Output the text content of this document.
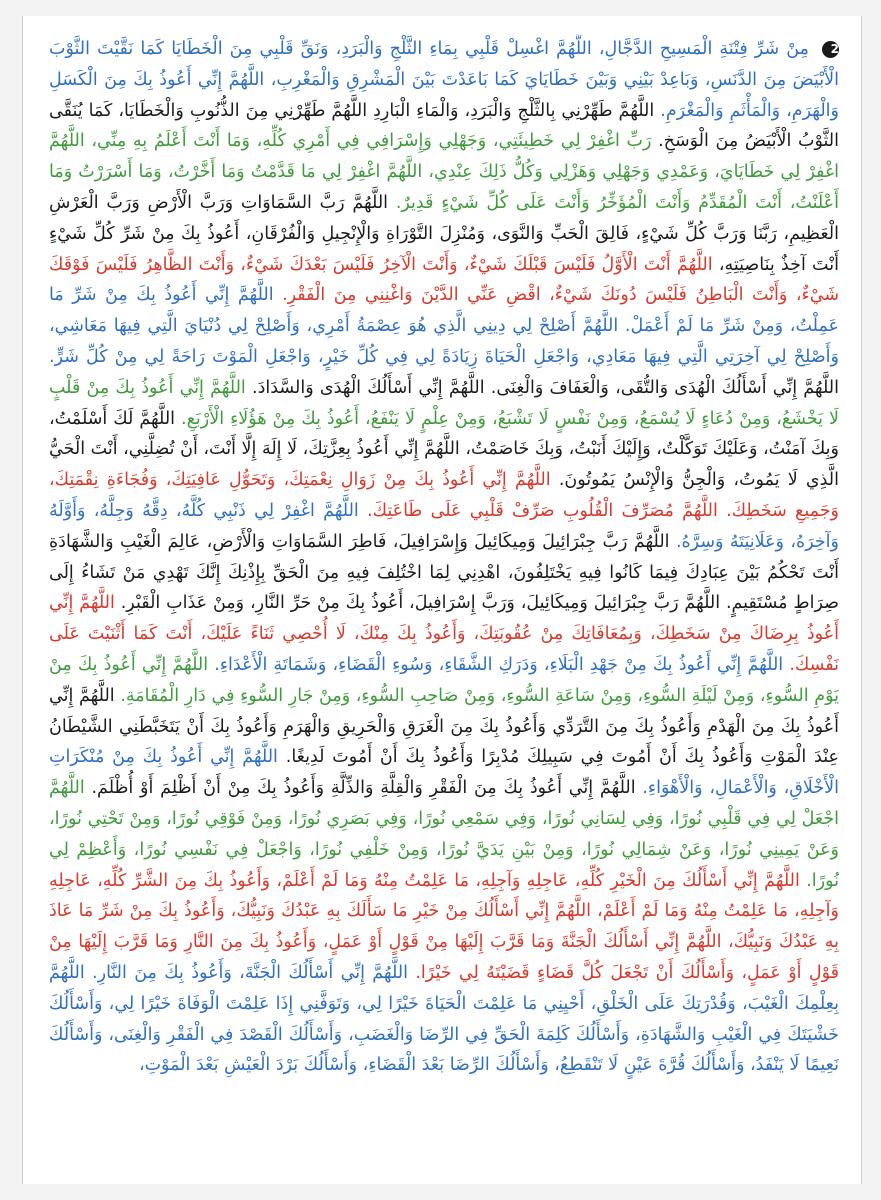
2 مِنْ شَرِّ فِتْنَةِ الْمَسِيحِ الدَّجَّالِ، اللَّهُمَّ اغْسِلْ قَلْبِي بِمَاءِ الثَّلْجِ وَالْبَرَدِ، وَنَقِّ قَلْبِي مِنَ الْخَطَايَا كَمَا نَقَّيْتَ الثَّوْبَ الْأَبْيَضَ مِنَ الدَّنَسِ، وَبَاعِدْ بَيْنِي وَبَيْنَ خَطَايَايَ كَمَا بَاعَدْتَ بَيْنَ الْمَشْرِقِ وَالْمَغْرِبِ، اللَّهُمَّ إِنِّي أَعُوذُ بِكَ مِنَ الْكَسَلِ وَالْهَرَمِ، وَالْمَأْثَمِ وَالْمَغْرَمِ. اللَّهُمَّ طَهِّرْنِي بِالثَّلْجِ وَالْبَرَدِ، وَالْمَاءِ الْبَارِدِ اللَّهُمَّ طَهِّرْنِي مِنَ الذُّنُوبِ وَالْخَطَايَا، كَمَا يُنَقَّى الثَّوْبُ الْأَبْيَضُ مِنَ الْوَسَخِ. رَبِّ اغْفِرْ لِي خَطِيئَتِي، وَجَهْلِي وَإِسْرَافِي فِي أَمْرِي كُلِّهِ، وَمَا أَنْتَ أَعْلَمُ بِهِ مِنِّي، اللَّهُمَّ اغْفِرْ لِي خَطَايَايَ، وَعَمْدِي وَجَهْلِي وَهَزْلِي وَكُلُّ ذَلِكَ عِنْدِي، اللَّهُمَّ اغْفِرْ لِي مَا قَدَّمْتُ وَمَا أَخَّرْتُ، وَمَا أَسْرَرْتُ وَمَا أَعْلَنْتُ، أَنْتَ الْمُقَدِّمُ وَأَنْتَ الْمُؤَخِّرُ وَأَنْتَ عَلَى كُلِّ شَيْءٍ قَدِيرٌ. اللَّهُمَّ رَبَّ السَّمَاوَاتِ وَرَبَّ الْأَرْضِ وَرَبَّ الْعَرْشِ الْعَظِيمِ، رَبَّنَا وَرَبَّ كُلِّ شَيْءٍ، فَالِقَ الْحَبِّ وَالنَّوَى، وَمُنْزِلَ التَّوْرَاةِ وَالْإِنْجِيلِ وَالْفُرْقَانِ، أَعُوذُ بِكَ مِنْ شَرِّ كُلِّ شَيْءٍ أَنْتَ آخِذٌ بِنَاصِيَتِهِ، اللَّهُمَّ أَنْتَ الْأَوَّلُ فَلَيْسَ قَبْلَكَ شَيْءٌ، وَأَنْتَ الْآخِرُ فَلَيْسَ بَعْدَكَ شَيْءٌ، وَأَنْتَ الظَّاهِرُ فَلَيْسَ فَوْقَكَ شَيْءٌ، وَأَنْتَ الْبَاطِنُ فَلَيْسَ دُونَكَ شَيْءٌ، اقْضِ عَنِّي الدَّيْنَ وَاغْنِنِي مِنَ الْفَقْرِ. اللَّهُمَّ إِنِّي أَعُوذُ بِكَ مِنْ شَرِّ مَا عَمِلْتُ، وَمِنْ شَرِّ مَا لَمْ أَعْمَلْ. اللَّهُمَّ أَصْلِحْ لِي دِينِي الَّذِي هُوَ عِصْمَةُ أَمْرِي، وَأَصْلِحْ لِي دُنْيَايَ الَّتِي فِيهَا مَعَاشِي، وَأَصْلِحْ لِي آخِرَتِي الَّتِي فِيهَا مَعَادِي، وَاجْعَلِ الْحَيَاةَ زِيَادَةً لِي فِي كُلِّ خَيْرٍ، وَاجْعَلِ الْمَوْتَ رَاحَةً لِي مِنْ كُلِّ شَرٍّ. اللَّهُمَّ إِنِّي أَسْأَلُكَ الْهُدَى وَالتُّقَى، وَالْعَفَافَ وَالْغِنَى. اللَّهُمَّ إِنِّي أَسْأَلُكَ الْهُدَى وَالسَّدَادَ. اللَّهُمَّ إِنِّي أَعُوذُ بِكَ مِنْ قَلْبٍ لَا يَخْشَعُ، وَمِنْ دُعَاءٍ لَا يُسْمَعُ، وَمِنْ نَفْسٍ لَا تَشْبَعُ، وَمِنْ عِلْمٍ لَا يَنْفَعُ، أَعُوذُ بِكَ مِنْ هَؤُلَاءِ الْأَرْبَعِ. اللَّهُمَّ لَكَ أَسْلَمْتُ، وَبِكَ آمَنْتُ، وَعَلَيْكَ تَوَكَّلْتُ، وَإِلَيْكَ أَنَبْتُ، وَبِكَ خَاصَمْتُ، اللَّهُمَّ إِنِّي أَعُوذُ بِعِزَّتِكَ، لَا إِلَهَ إِلَّا أَنْتَ، أَنْ تُضِلَّنِي، أَنْتَ الْحَيُّ الَّذِي لَا يَمُوتُ، وَالْجِنُّ وَالْإِنْسُ يَمُوتُونَ. اللَّهُمَّ إِنِّي أَعُوذُ بِكَ مِنْ زَوَالِ نِعْمَتِكَ، وَتَحَوُّلِ عَافِيَتِكَ، وَفُجَاءَةِ نِقْمَتِكَ، وَجَمِيعِ سَخَطِكَ. اللَّهُمَّ مُصَرِّفَ الْقُلُوبِ صَرِّفْ قَلْبِي عَلَى طَاعَتِكَ. اللَّهُمَّ اغْفِرْ لِي ذَنْبِي كُلَّهُ، دِقَّهُ وَجِلَّهُ، وَأَوَّلَهُ وَآخِرَهُ، وَعَلَانِيَتَهُ وَسِرَّهُ. اللَّهُمَّ رَبَّ جِبْرَائِيلَ وَمِيكَائِيلَ وَإِسْرَافِيلَ، فَاطِرَ السَّمَاوَاتِ وَالْأَرْضِ، عَالِمَ الْغَيْبِ وَالشَّهَادَةِ أَنْتَ تَحْكُمُ بَيْنَ عِبَادِكَ فِيمَا كَانُوا فِيهِ يَخْتَلِفُونَ، اهْدِنِي لِمَا اخْتُلِفَ فِيهِ مِنَ الْحَقِّ بِإِذْنِكَ إِنَّكَ تَهْدِي مَنْ تَشَاءُ إِلَى صِرَاطٍ مُسْتَقِيمٍ. اللَّهُمَّ رَبَّ جِبْرَائِيلَ وَمِيكَائِيلَ، وَرَبَّ إِسْرَافِيلَ، أَعُوذُ بِكَ مِنْ حَرِّ النَّارِ، وَمِنْ عَذَابِ الْقَبْرِ. اللَّهُمَّ إِنِّي أَعُوذُ بِرِضَاكَ مِنْ سَخَطِكَ، وَبِمُعَافَاتِكَ مِنْ عُقُوبَتِكَ، وَأَعُوذُ بِكَ مِنْكَ، لَا أُحْصِي ثَنَاءً عَلَيْكَ، أَنْتَ كَمَا أَثْنَيْتَ عَلَى نَفْسِكَ. اللَّهُمَّ إِنِّي أَعُوذُ بِكَ مِنْ جَهْدِ الْبَلَاءِ، وَدَرَكِ الشَّقَاءِ، وَسُوءِ الْقَضَاءِ، وَشَمَاتَةِ الْأَعْدَاءِ. اللَّهُمَّ إِنِّي أَعُوذُ بِكَ مِنْ يَوْمِ السُّوءِ، وَمِنْ لَيْلَةِ السُّوءِ، وَمِنْ سَاعَةِ السُّوءِ، وَمِنْ صَاحِبِ السُّوءِ، وَمِنْ جَارِ السُّوءِ فِي دَارِ الْمُقَامَةِ. اللَّهُمَّ إِنِّي أَعُوذُ بِكَ مِنَ الْهَدْمِ وَأَعُوذُ بِكَ مِنَ التَّرَدِّي وَأَعُوذُ بِكَ مِنَ الْغَرَقِ وَالْحَرِيقِ وَالْهَرَمِ وَأَعُوذُ بِكَ أَنْ يَتَخَبَّطَنِي الشَّيْطَانُ عِنْدَ الْمَوْتِ وَأَعُوذُ بِكَ أَنْ أَمُوتَ فِي سَبِيلِكَ مُدْبِرًا وَأَعُوذُ بِكَ أَنْ أَمُوتَ لَدِيغًا. اللَّهُمَّ إِنِّي أَعُوذُ بِكَ مِنْ مُنْكَرَاتِ الْأَخْلَاقِ، وَالْأَعْمَالِ، وَالْأَهْوَاءِ. اللَّهُمَّ إِنِّي أَعُوذُ بِكَ مِنَ الْفَقْرِ وَالْقِلَّةِ وَالذِّلَّةِ وَأَعُوذُ بِكَ مِنْ أَنْ أَظْلِمَ أَوْ أُظْلَمَ. اللَّهُمَّ اجْعَلْ لِي فِي قَلْبِي نُورًا، وَفِي لِسَانِي نُورًا، وَفِي سَمْعِي نُورًا، وَفِي بَصَرِي نُورًا، وَمِنْ فَوْقِي نُورًا، وَمِنْ تَحْتِي نُورًا، وَعَنْ يَمِينِي نُورًا، وَعَنْ شِمَالِي نُورًا، وَمِنْ بَيْنِ يَدَيَّ نُورًا، وَمِنْ خَلْفِي نُورًا، وَاجْعَلْ فِي نَفْسِي نُورًا، وَأَعْظِمْ لِي نُورًا. اللَّهُمَّ إِنِّي أَسْأَلُكَ مِنَ الْخَيْرِ كُلِّهِ، عَاجِلِهِ وَآجِلِهِ، مَا عَلِمْتُ مِنْهُ وَمَا لَمْ أَعْلَمْ، وَأَعُوذُ بِكَ مِنَ الشَّرِّ كُلِّهِ، عَاجِلِهِ وَآجِلِهِ، مَا عَلِمْتُ مِنْهُ وَمَا لَمْ أَعْلَمْ، اللَّهُمَّ إِنِّي أَسْأَلُكَ مِنْ خَيْرِ مَا سَأَلَكَ بِهِ عَبْدُكَ وَنَبِيُّكَ، وَأَعُوذُ بِكَ مِنْ شَرِّ مَا عَاذَ بِهِ عَبْدُكَ وَنَبِيُّكَ، اللَّهُمَّ إِنِّي أَسْأَلُكَ الْجَنَّةَ وَمَا قَرَّبَ إِلَيْهَا مِنْ قَوْلٍ أَوْ عَمَلٍ، وَأَعُوذُ بِكَ مِنَ النَّارِ وَمَا قَرَّبَ إِلَيْهَا مِنْ قَوْلٍ أَوْ عَمَلٍ، وَأَسْأَلُكَ أَنْ تَجْعَلَ كُلَّ قَضَاءٍ قَضَيْتَهُ لِي خَيْرًا. اللَّهُمَّ إِنِّي أَسْأَلُكَ الْجَنَّةَ، وَأَعُوذُ بِكَ مِنَ النَّارِ. اللَّهُمَّ بِعِلْمِكَ الْغَيْبَ، وَقُدْرَتِكَ عَلَى الْخَلْقِ، أَحْيِنِي مَا عَلِمْتَ الْحَيَاةَ خَيْرًا لِي، وَتَوَفَّنِي إِذَا عَلِمْتَ الْوَفَاةَ خَيْرًا لِي، وَأَسْأَلُكَ خَشْيَتَكَ فِي الْغَيْبِ وَالشَّهَادَةِ، وَأَسْأَلُكَ كَلِمَةَ الْحَقِّ فِي الرِّضَا وَالْغَضَبِ، وَأَسْأَلُكَ الْقَصْدَ فِي الْفَقْرِ وَالْغِنَى، وَأَسْأَلُكَ نَعِيمًا لَا يَنْفَدُ، وَأَسْأَلُكَ قُرَّةَ عَيْنٍ لَا تَنْقَطِعُ، وَأَسْأَلُكَ الرِّضَا بَعْدَ الْقَضَاءِ، وَأَسْأَلُكَ بَرْدَ الْعَيْشِ بَعْدَ الْمَوْتِ،
